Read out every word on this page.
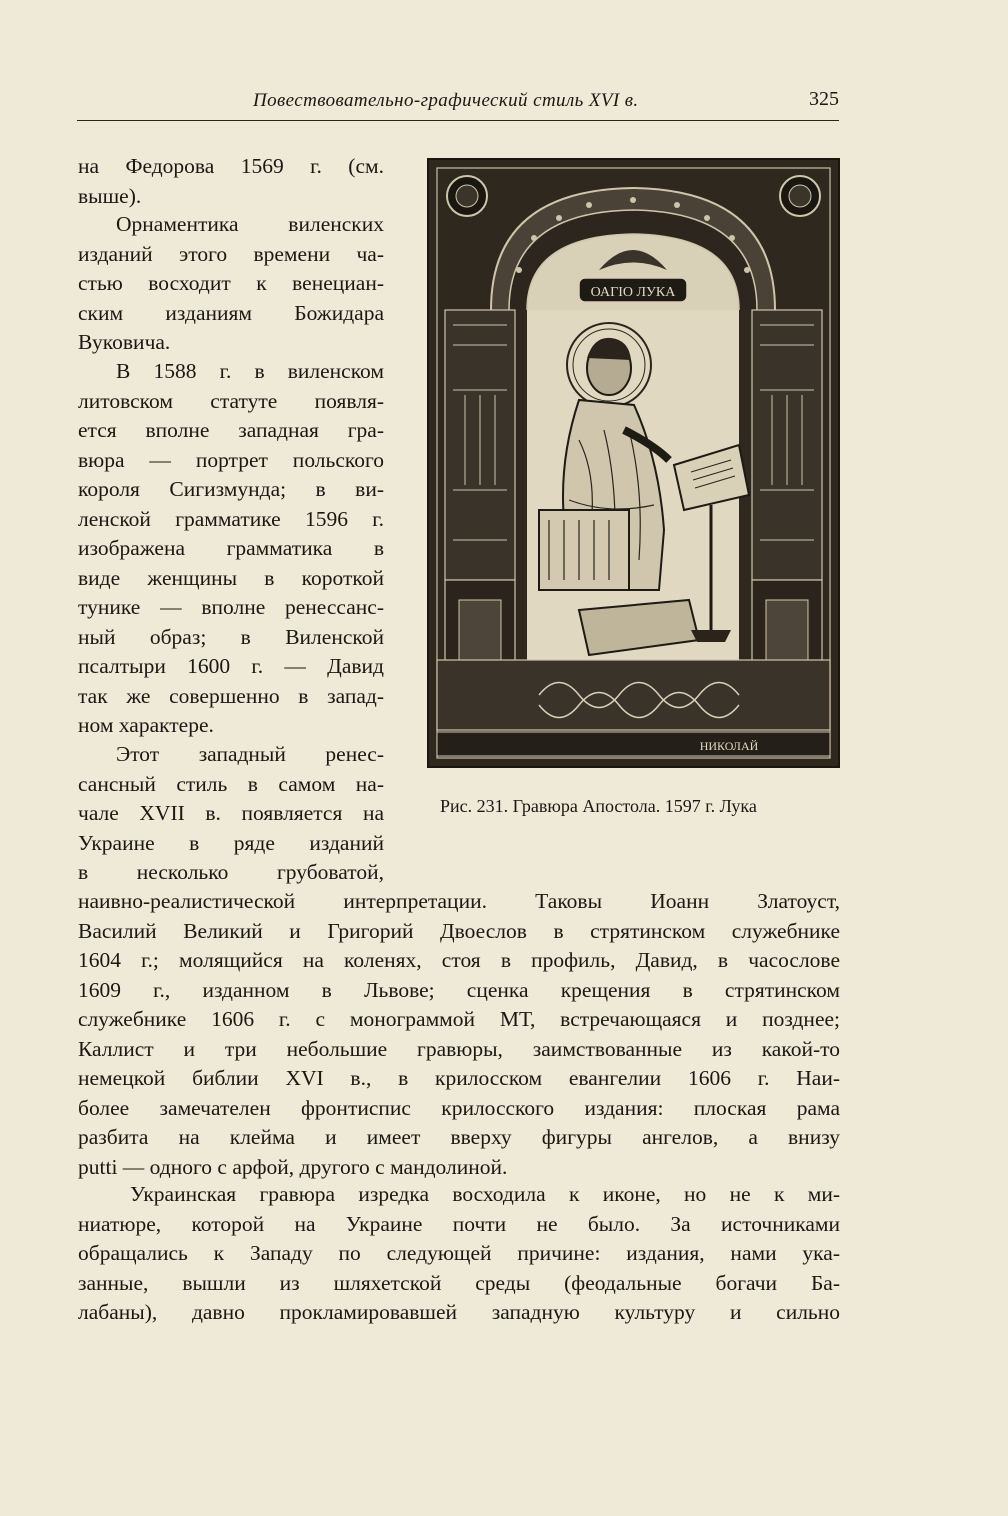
Повествовательно-графический стиль XVI в.	325

на Федорова 1569 г. (см.
выше).

Орнаментика виленских
изданий этого времени ча-
стью восходит к венециан-
ским изданиям Божидара
Вуковича.

В 1588 г. в виленском
литовском статуте появля-
ется вполне западная гра-
вюра — портрет польского
короля Сигизмунда; в ви-
ленской грамматике 1596 г.
изображена грамматика в
виде женщины в короткой
тунике — вполне ренессанс-
ный образ; в Виленской
псалтыри 1600 г. — Давид
так же совершенно в запад-
ном характере.

Этот западный ренес-
сансный стиль в самом на-
чале XVII в. появляется на
Украине в ряде изданий
в несколько грубоватой,

наивно-реалистической интерпретации. Таковы Иоанн Златоуст,
Василий Великий и Григорий Двоеслов в стрятинском служебнике
1604 г.; молящийся на коленях, стоя в профиль, Давид, в часослове
1609 г., изданном в Львове; сценка крещения в стрятинском
служебнике 1606 г. с монограммой МТ, встречающаяся и позднее;
Каллист и три небольшие гравюры, заимствованные из какой-то
немецкой библии XVI в., в крилосском евангелии 1606 г. Наи-
более замечателен фронтиспис крилосского издания: плоская рама
разбита на клейма и имеет вверху фигуры ангелов, а внизу
putti — одного с арфой, другого с мандолиной.

Украинская гравюра изредка восходила к иконе, но не к ми-
ниатюре, которой на Украине почти не было. За источниками
обращались к Западу по следующей причине: издания, нами ука-
занные, вышли из шляхетской среды (феодальные богачи Ба-
лабаны), давно прокламировавшей западную культуру и сильно

ОАГІО ЛУКА
НИКОЛАЙ
Рис. 231. Гравюра Апостола. 1597 г. Лука
